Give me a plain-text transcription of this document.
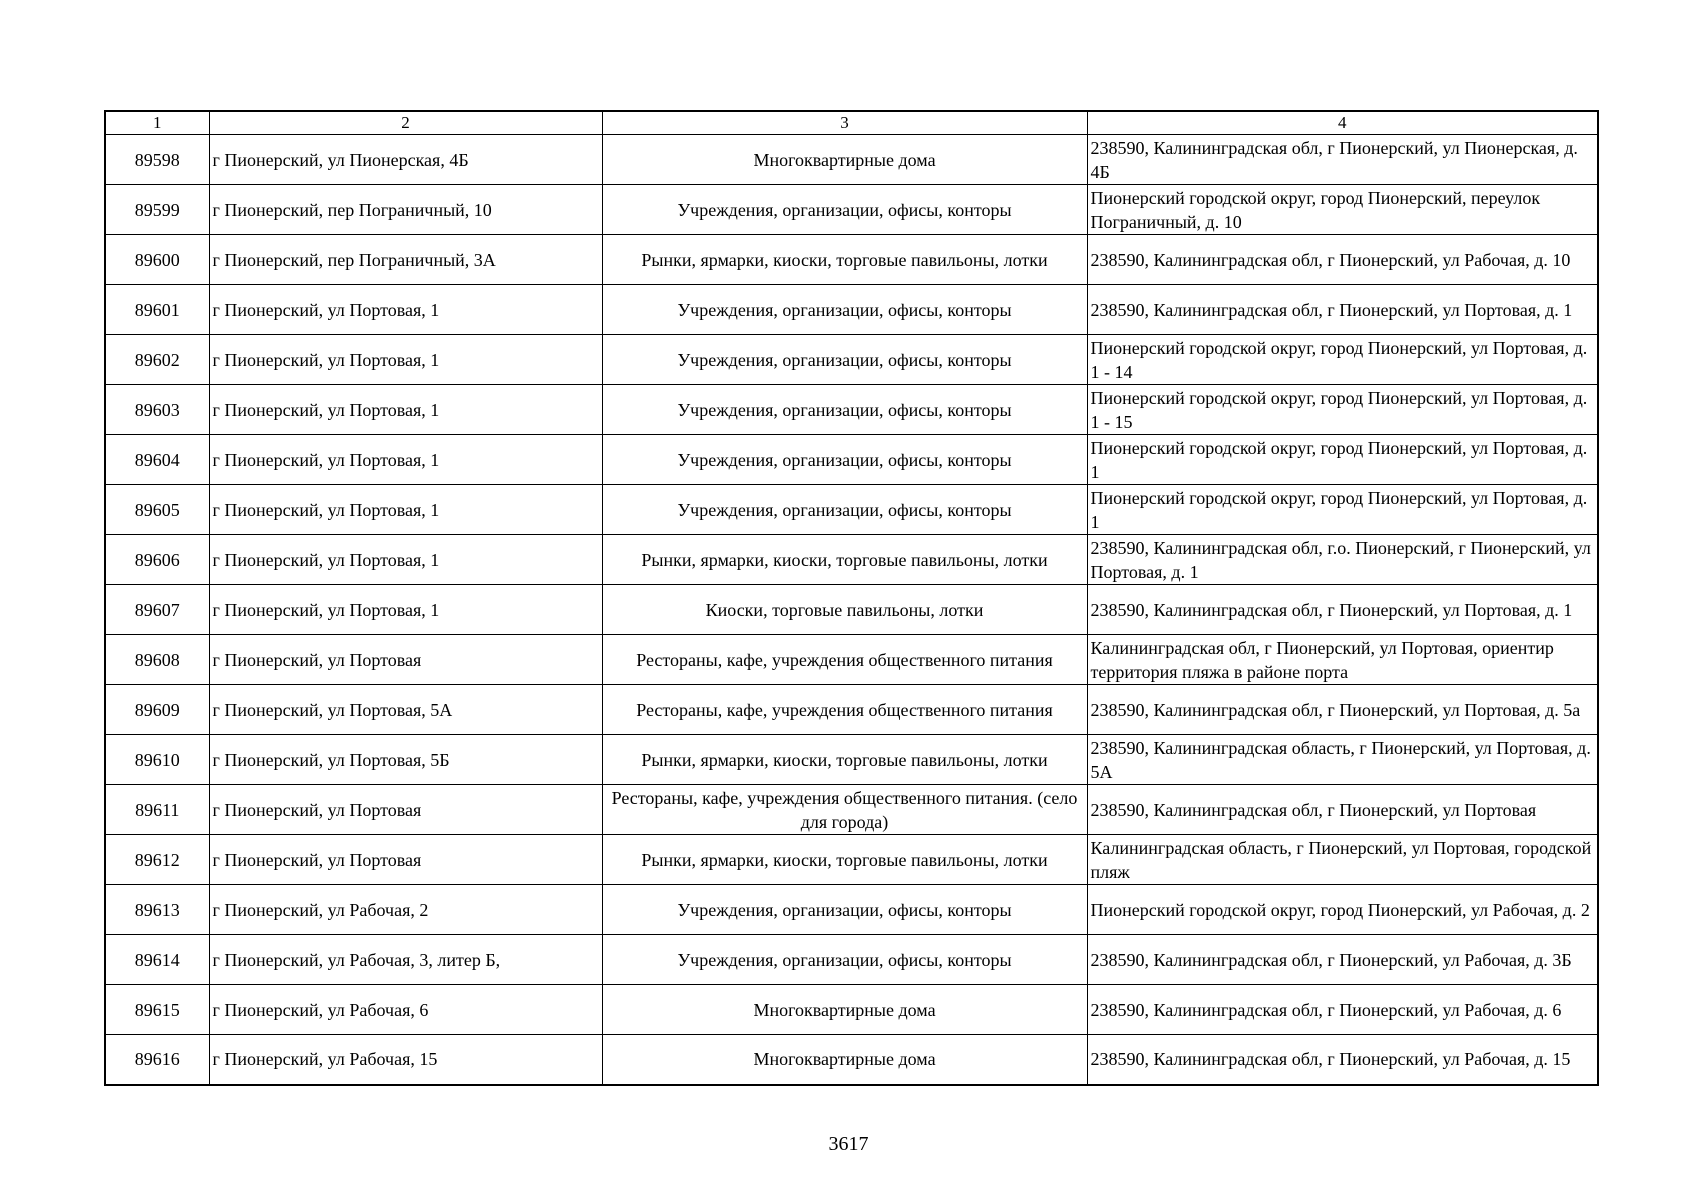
1	2	3	4
89598	г Пионерский, ул Пионерская, 4Б	Многоквартирные дома	238590, Калининградская обл, г Пионерский, ул Пионерская, д. 4Б
89599	г Пионерский, пер Пограничный, 10	Учреждения, организации, офисы, конторы	Пионерский городской округ, город Пионерский, переулок Пограничный, д. 10
89600	г Пионерский, пер Пограничный, 3А	Рынки, ярмарки, киоски, торговые павильоны, лотки	238590, Калининградская обл, г Пионерский, ул Рабочая, д. 10
89601	г Пионерский, ул Портовая, 1	Учреждения, организации, офисы, конторы	238590, Калининградская обл, г Пионерский, ул Портовая, д. 1
89602	г Пионерский, ул Портовая, 1	Учреждения, организации, офисы, конторы	Пионерский городской округ, город Пионерский, ул Портовая, д. 1 - 14
89603	г Пионерский, ул Портовая, 1	Учреждения, организации, офисы, конторы	Пионерский городской округ, город Пионерский, ул Портовая, д. 1 - 15
89604	г Пионерский, ул Портовая, 1	Учреждения, организации, офисы, конторы	Пионерский городской округ, город Пионерский, ул Портовая, д. 1
89605	г Пионерский, ул Портовая, 1	Учреждения, организации, офисы, конторы	Пионерский городской округ, город Пионерский, ул Портовая, д. 1
89606	г Пионерский, ул Портовая, 1	Рынки, ярмарки, киоски, торговые павильоны, лотки	238590, Калининградская обл, г.о. Пионерский, г Пионерский, ул Портовая, д. 1
89607	г Пионерский, ул Портовая, 1	Киоски, торговые павильоны, лотки	238590, Калининградская обл, г Пионерский, ул Портовая, д. 1
89608	г Пионерский, ул Портовая	Рестораны, кафе, учреждения общественного питания	Калининградская обл, г Пионерский, ул Портовая, ориентир территория пляжа в районе порта
89609	г Пионерский, ул Портовая, 5А	Рестораны, кафе, учреждения общественного питания	238590, Калининградская обл, г Пионерский, ул Портовая, д. 5а
89610	г Пионерский, ул Портовая, 5Б	Рынки, ярмарки, киоски, торговые павильоны, лотки	238590, Калининградская область, г Пионерский, ул Портовая, д. 5А
89611	г Пионерский, ул Портовая	Рестораны, кафе, учреждения общественного питания. (село для города)	238590, Калининградская обл, г Пионерский, ул Портовая
89612	г Пионерский, ул Портовая	Рынки, ярмарки, киоски, торговые павильоны, лотки	Калининградская область, г Пионерский, ул Портовая, городской пляж
89613	г Пионерский, ул Рабочая, 2	Учреждения, организации, офисы, конторы	Пионерский городской округ, город Пионерский, ул Рабочая, д. 2
89614	г Пионерский, ул Рабочая, 3, литер Б,	Учреждения, организации, офисы, конторы	238590, Калининградская обл, г Пионерский, ул Рабочая, д. 3Б
89615	г Пионерский, ул Рабочая, 6	Многоквартирные дома	238590, Калининградская обл, г Пионерский, ул Рабочая, д. 6
89616	г Пионерский, ул Рабочая, 15	Многоквартирные дома	238590, Калининградская обл, г Пионерский, ул Рабочая, д. 15
3617
